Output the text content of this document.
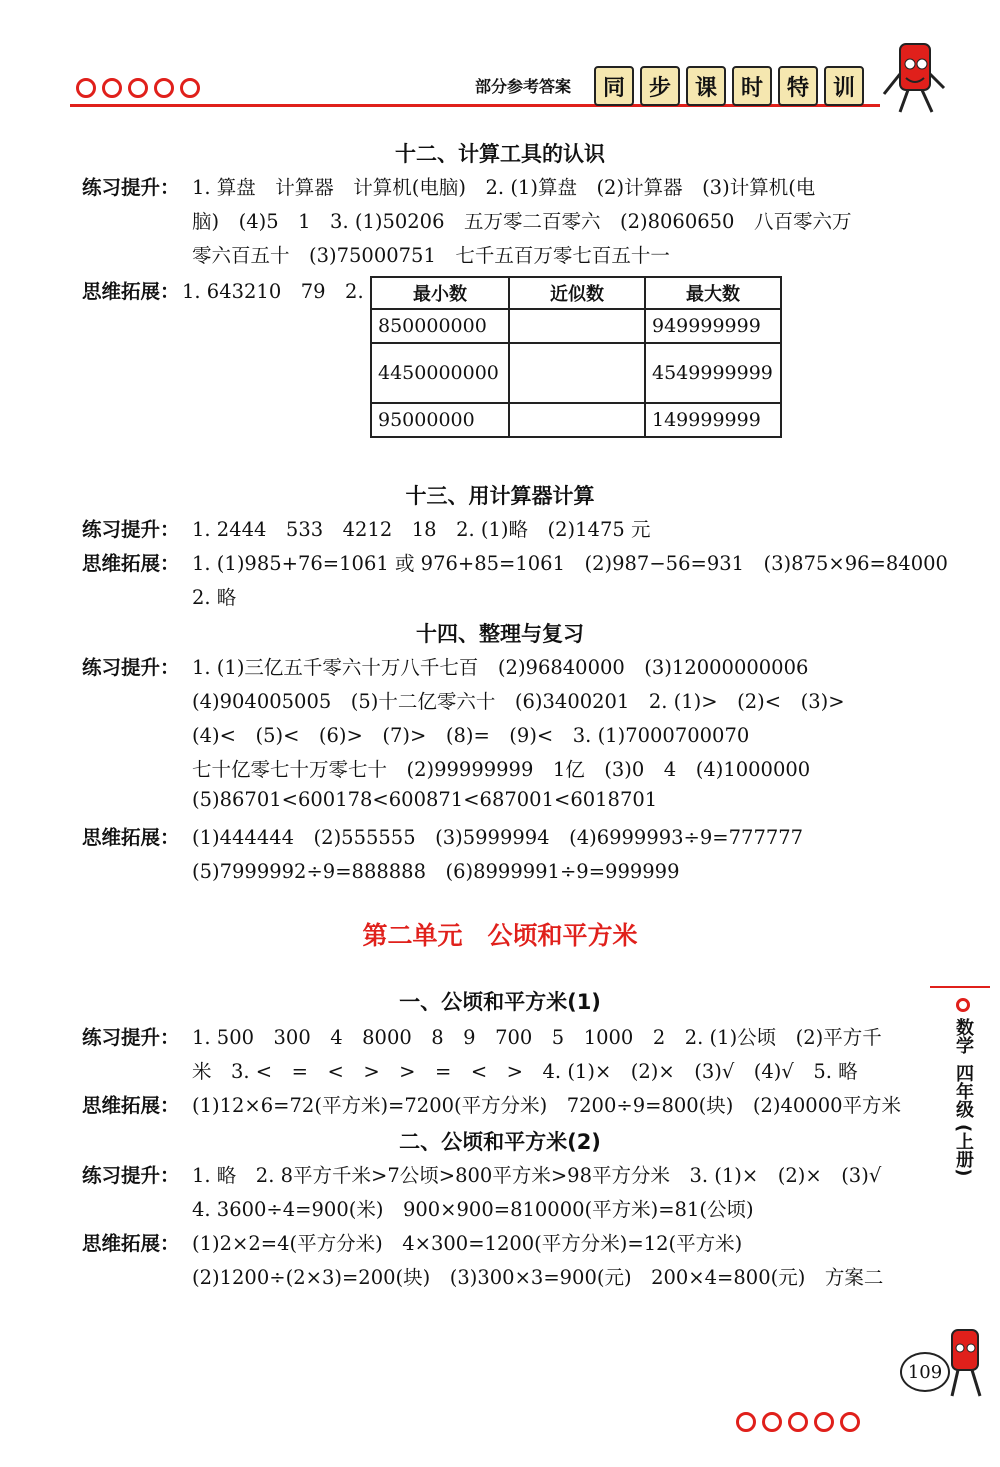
部分参考答案	同	步	课	时	特	训
十二、计算工具的认识
练习提升： 1. 算盘　计算器　计算机(电脑)　2. (1)算盘　(2)计算器　(3)计算机(电
脑)　(4)5　1　3. (1)50206　五万零二百零六　(2)8060650　八百零六万
零六百五十　(3)75000751　七千五百万零七百五十一
思维拓展： 1. 643210　79　2.	最小数	近似数	最大数
850000000		949999999
4450000000		4549999999
95000000		149999999
十三、用计算器计算
练习提升： 1. 2444　533　4212　18　2. (1)略　(2)1475 元
思维拓展： 1. (1)985+76=1061 或 976+85=1061　(2)987−56=931　(3)875×96=84000
2. 略
十四、整理与复习
练习提升： 1. (1)三亿五千零六十万八千七百　(2)96840000　(3)12000000006
(4)904005005　(5)十二亿零六十　(6)3400201　2. (1)>　(2)<　(3)>
(4)<　(5)<　(6)>　(7)>　(8)=　(9)<　3. (1)7000700070
七十亿零七十万零七十　(2)99999999　1亿　(3)0　4　(4)1000000
(5)86701<600178<600871<687001<6018701
思维拓展： (1)444444　(2)555555　(3)5999994　(4)6999993÷9=777777
(5)7999992÷9=888888　(6)8999991÷9=999999
第二单元　公顷和平方米
一、公顷和平方米(1)
练习提升： 1. 500　300　4　8000　8　9　700　5　1000　2　2. (1)公顷　(2)平方千
米　3. <　=　<　>　>　=　<　>　4. (1)×　(2)×　(3)√　(4)√　5. 略
思维拓展： (1)12×6=72(平方米)=7200(平方分米)　7200÷9=800(块)　(2)40000平方米
二、公顷和平方米(2)
练习提升： 1. 略　2. 8平方千米>7公顷>800平方米>98平方分米　3. (1)×　(2)×　(3)√
4. 3600÷4=900(米)　900×900=810000(平方米)=81(公顷)
思维拓展： (1)2×2=4(平方分米)　4×300=1200(平方分米)=12(平方米)
(2)1200÷(2×3)=200(块)　(3)300×3=900(元)　200×4=800(元)　方案二
数学
四年级
(上册)
109
